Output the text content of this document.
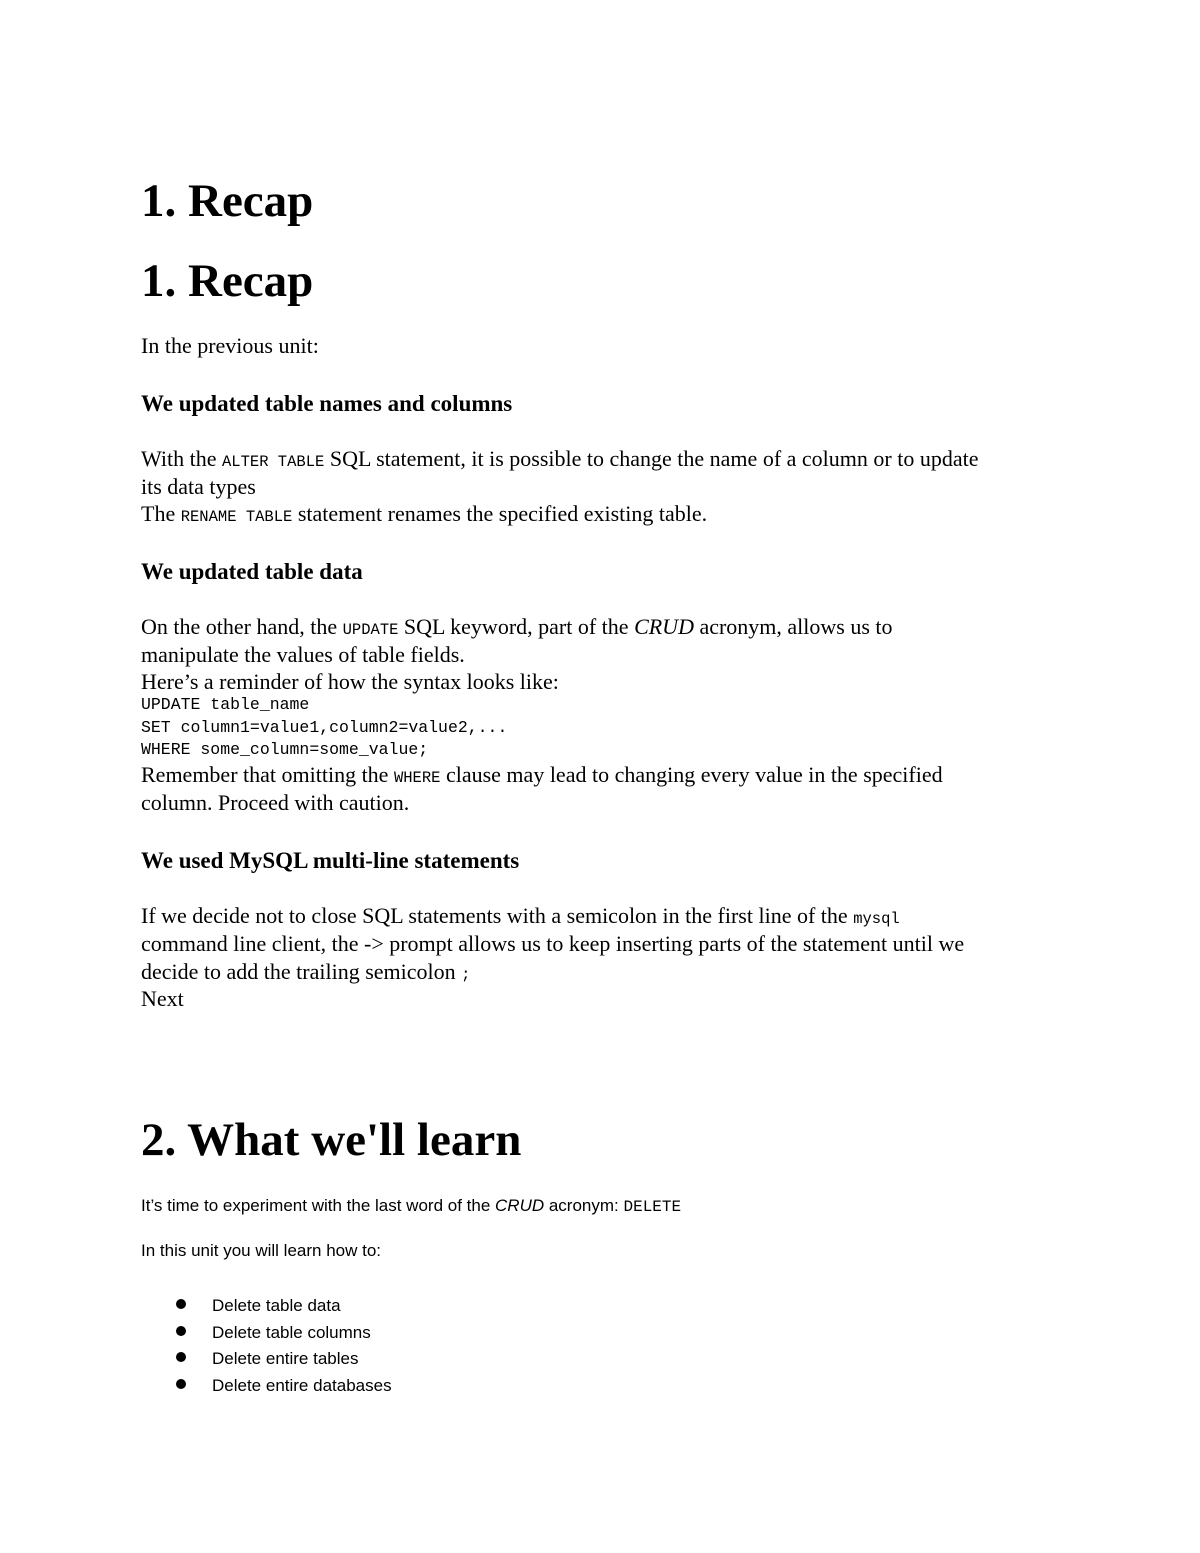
1. Recap
1. Recap

In the previous unit:

We updated table names and columns

With the ALTER TABLE SQL statement, it is possible to change the name of a column or to update

its data types

The RENAME TABLE statement renames the specified existing table.

We updated table data

On the other hand, the UPDATE SQL keyword, part of the CRUD acronym, allows us to

manipulate the values of table fields.

Here’s a reminder of how the syntax looks like:

UPDATE table_name
SET column1=value1,column2=value2,...
WHERE some_column=some_value;

Remember that omitting the WHERE clause may lead to changing every value in the specified

column. Proceed with caution.

We used MySQL multi-line statements

If we decide not to close SQL statements with a semicolon in the first line of the mysql

command line client, the -> prompt allows us to keep inserting parts of the statement until we

decide to add the trailing semicolon ;

Next

2. What we'll learn

It’s time to experiment with the last word of the CRUD acronym: DELETE

In this unit you will learn how to:

Delete table data
Delete table columns
Delete entire tables
Delete entire databases
